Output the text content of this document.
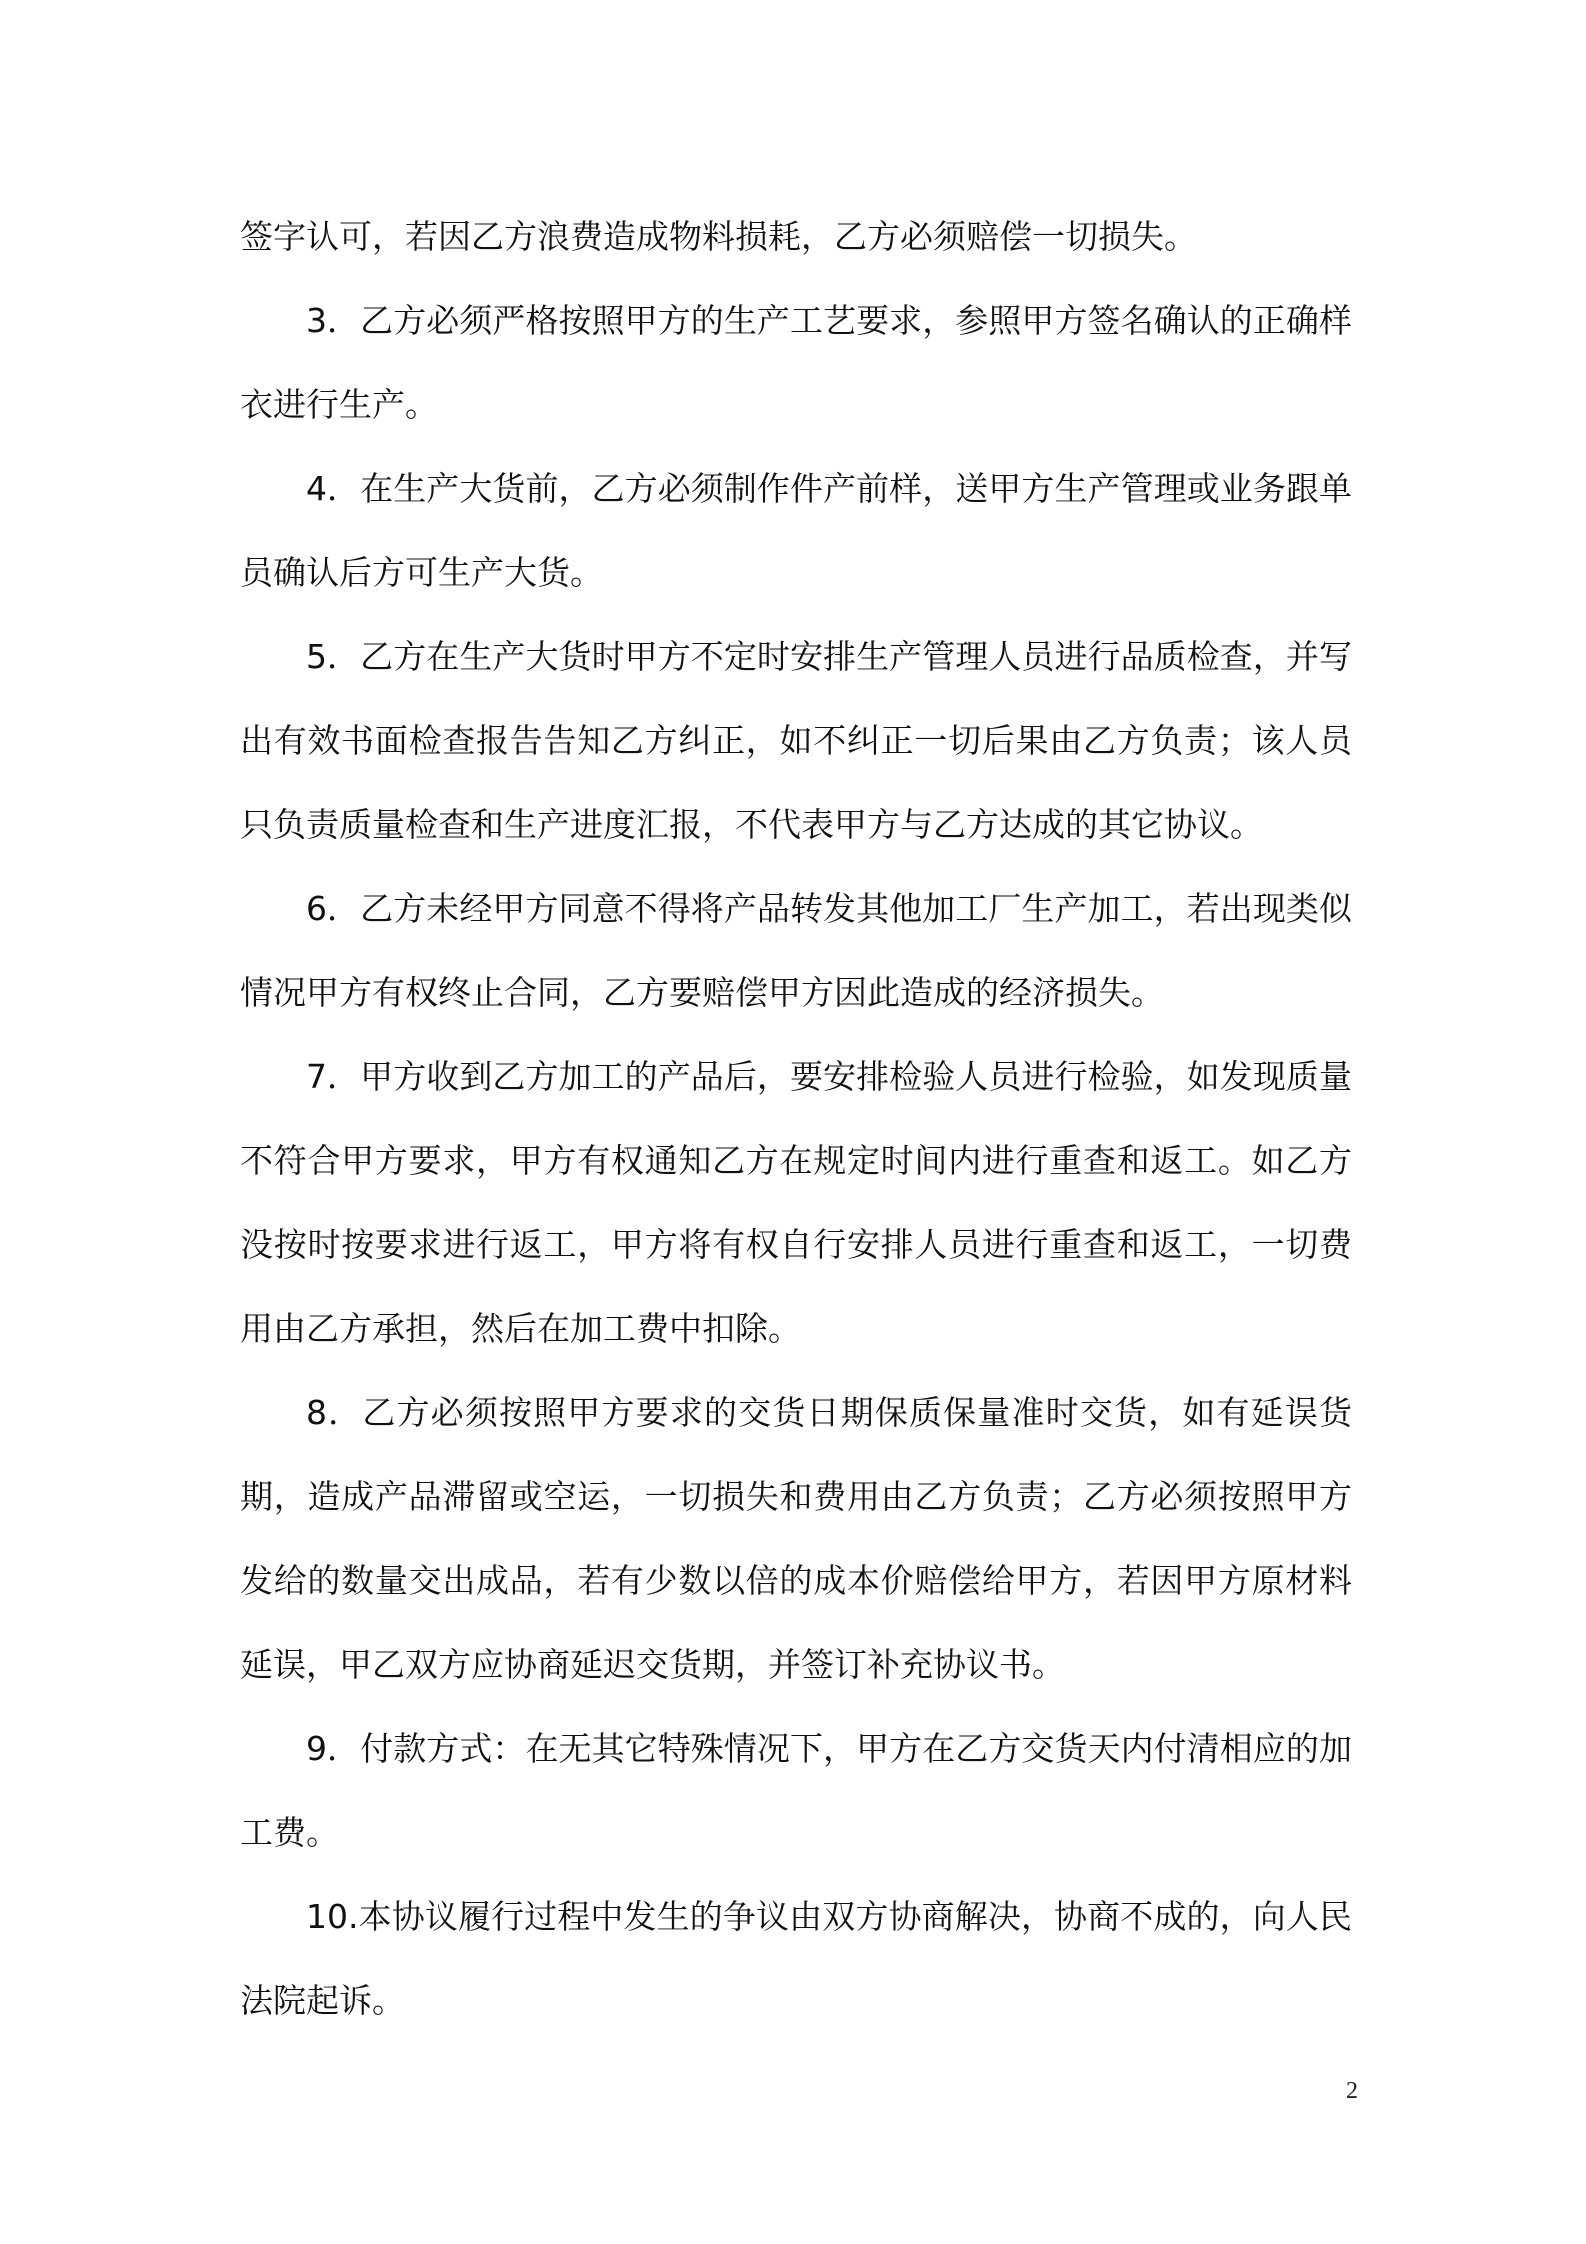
签字认可，若因乙方浪费造成物料损耗，乙方必须赔偿一切损失。

3．乙方必须严格按照甲方的生产工艺要求，参照甲方签名确认的正确样衣进行生产。

4．在生产大货前，乙方必须制作件产前样，送甲方生产管理或业务跟单员确认后方可生产大货。

5．乙方在生产大货时甲方不定时安排生产管理人员进行品质检查，并写出有效书面检查报告告知乙方纠正，如不纠正一切后果由乙方负责；该人员只负责质量检查和生产进度汇报，不代表甲方与乙方达成的其它协议。

6．乙方未经甲方同意不得将产品转发其他加工厂生产加工，若出现类似情况甲方有权终止合同，乙方要赔偿甲方因此造成的经济损失。

7．甲方收到乙方加工的产品后，要安排检验人员进行检验，如发现质量不符合甲方要求，甲方有权通知乙方在规定时间内进行重查和返工。如乙方没按时按要求进行返工，甲方将有权自行安排人员进行重查和返工，一切费用由乙方承担，然后在加工费中扣除。

8．乙方必须按照甲方要求的交货日期保质保量准时交货，如有延误货期，造成产品滞留或空运，一切损失和费用由乙方负责；乙方必须按照甲方发给的数量交出成品，若有少数以倍的成本价赔偿给甲方，若因甲方原材料延误，甲乙双方应协商延迟交货期，并签订补充协议书。

9．付款方式：在无其它特殊情况下，甲方在乙方交货天内付清相应的加工费。

10.本协议履行过程中发生的争议由双方协商解决，协商不成的，向人民法院起诉。

2
